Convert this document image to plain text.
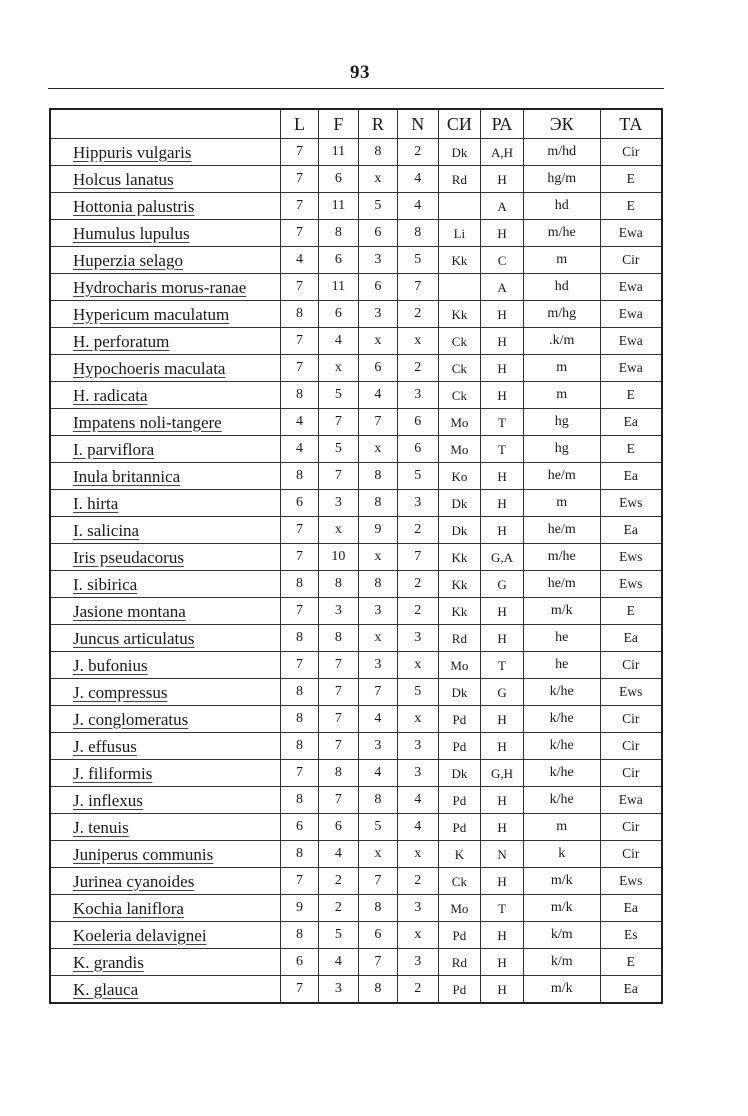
93
	L	F	R	N	СИ	РА	ЭК	ТА
Hippuris vulgaris	7	11	8	2	Dk	A,H	m/hd	Cir
Holcus lanatus	7	6	x	4	Rd	H	hg/m	E
Hottonia palustris	7	11	5	4		A	hd	E
Humulus lupulus	7	8	6	8	Li	H	m/he	Ewa
Huperzia selago	4	6	3	5	Kk	C	m	Cir
Hydrocharis morus-ranae	7	11	6	7		A	hd	Ewa
Hypericum maculatum	8	6	3	2	Kk	H	m/hg	Ewa
H. perforatum	7	4	x	x	Ck	H	.k/m	Ewa
Hypochoeris maculata	7	x	6	2	Ck	H	m	Ewa
H. radicata	8	5	4	3	Ck	H	m	E
Impatens noli-tangere	4	7	7	6	Mo	T	hg	Ea
I. parviflora	4	5	x	6	Mo	T	hg	E
Inula britannica	8	7	8	5	Ko	H	he/m	Ea
I. hirta	6	3	8	3	Dk	H	m	Ews
I. salicina	7	x	9	2	Dk	H	he/m	Ea
Iris pseudacorus	7	10	x	7	Kk	G,A	m/he	Ews
I. sibirica	8	8	8	2	Kk	G	he/m	Ews
Jasione montana	7	3	3	2	Kk	H	m/k	E
Juncus articulatus	8	8	x	3	Rd	H	he	Ea
J. bufonius	7	7	3	x	Mo	T	he	Cir
J. compressus	8	7	7	5	Dk	G	k/he	Ews
J. conglomeratus	8	7	4	x	Pd	H	k/he	Cir
J. effusus	8	7	3	3	Pd	H	k/he	Cir
J. filiformis	7	8	4	3	Dk	G,H	k/he	Cir
J. inflexus	8	7	8	4	Pd	H	k/he	Ewa
J. tenuis	6	6	5	4	Pd	H	m	Cir
Juniperus communis	8	4	x	x	K	N	k	Cir
Jurinea cyanoides	7	2	7	2	Ck	H	m/k	Ews
Kochia laniflora	9	2	8	3	Mo	T	m/k	Ea
Koeleria delavignei	8	5	6	x	Pd	H	k/m	Es
K. grandis	6	4	7	3	Rd	H	k/m	E
K. glauca	7	3	8	2	Pd	H	m/k	Ea
